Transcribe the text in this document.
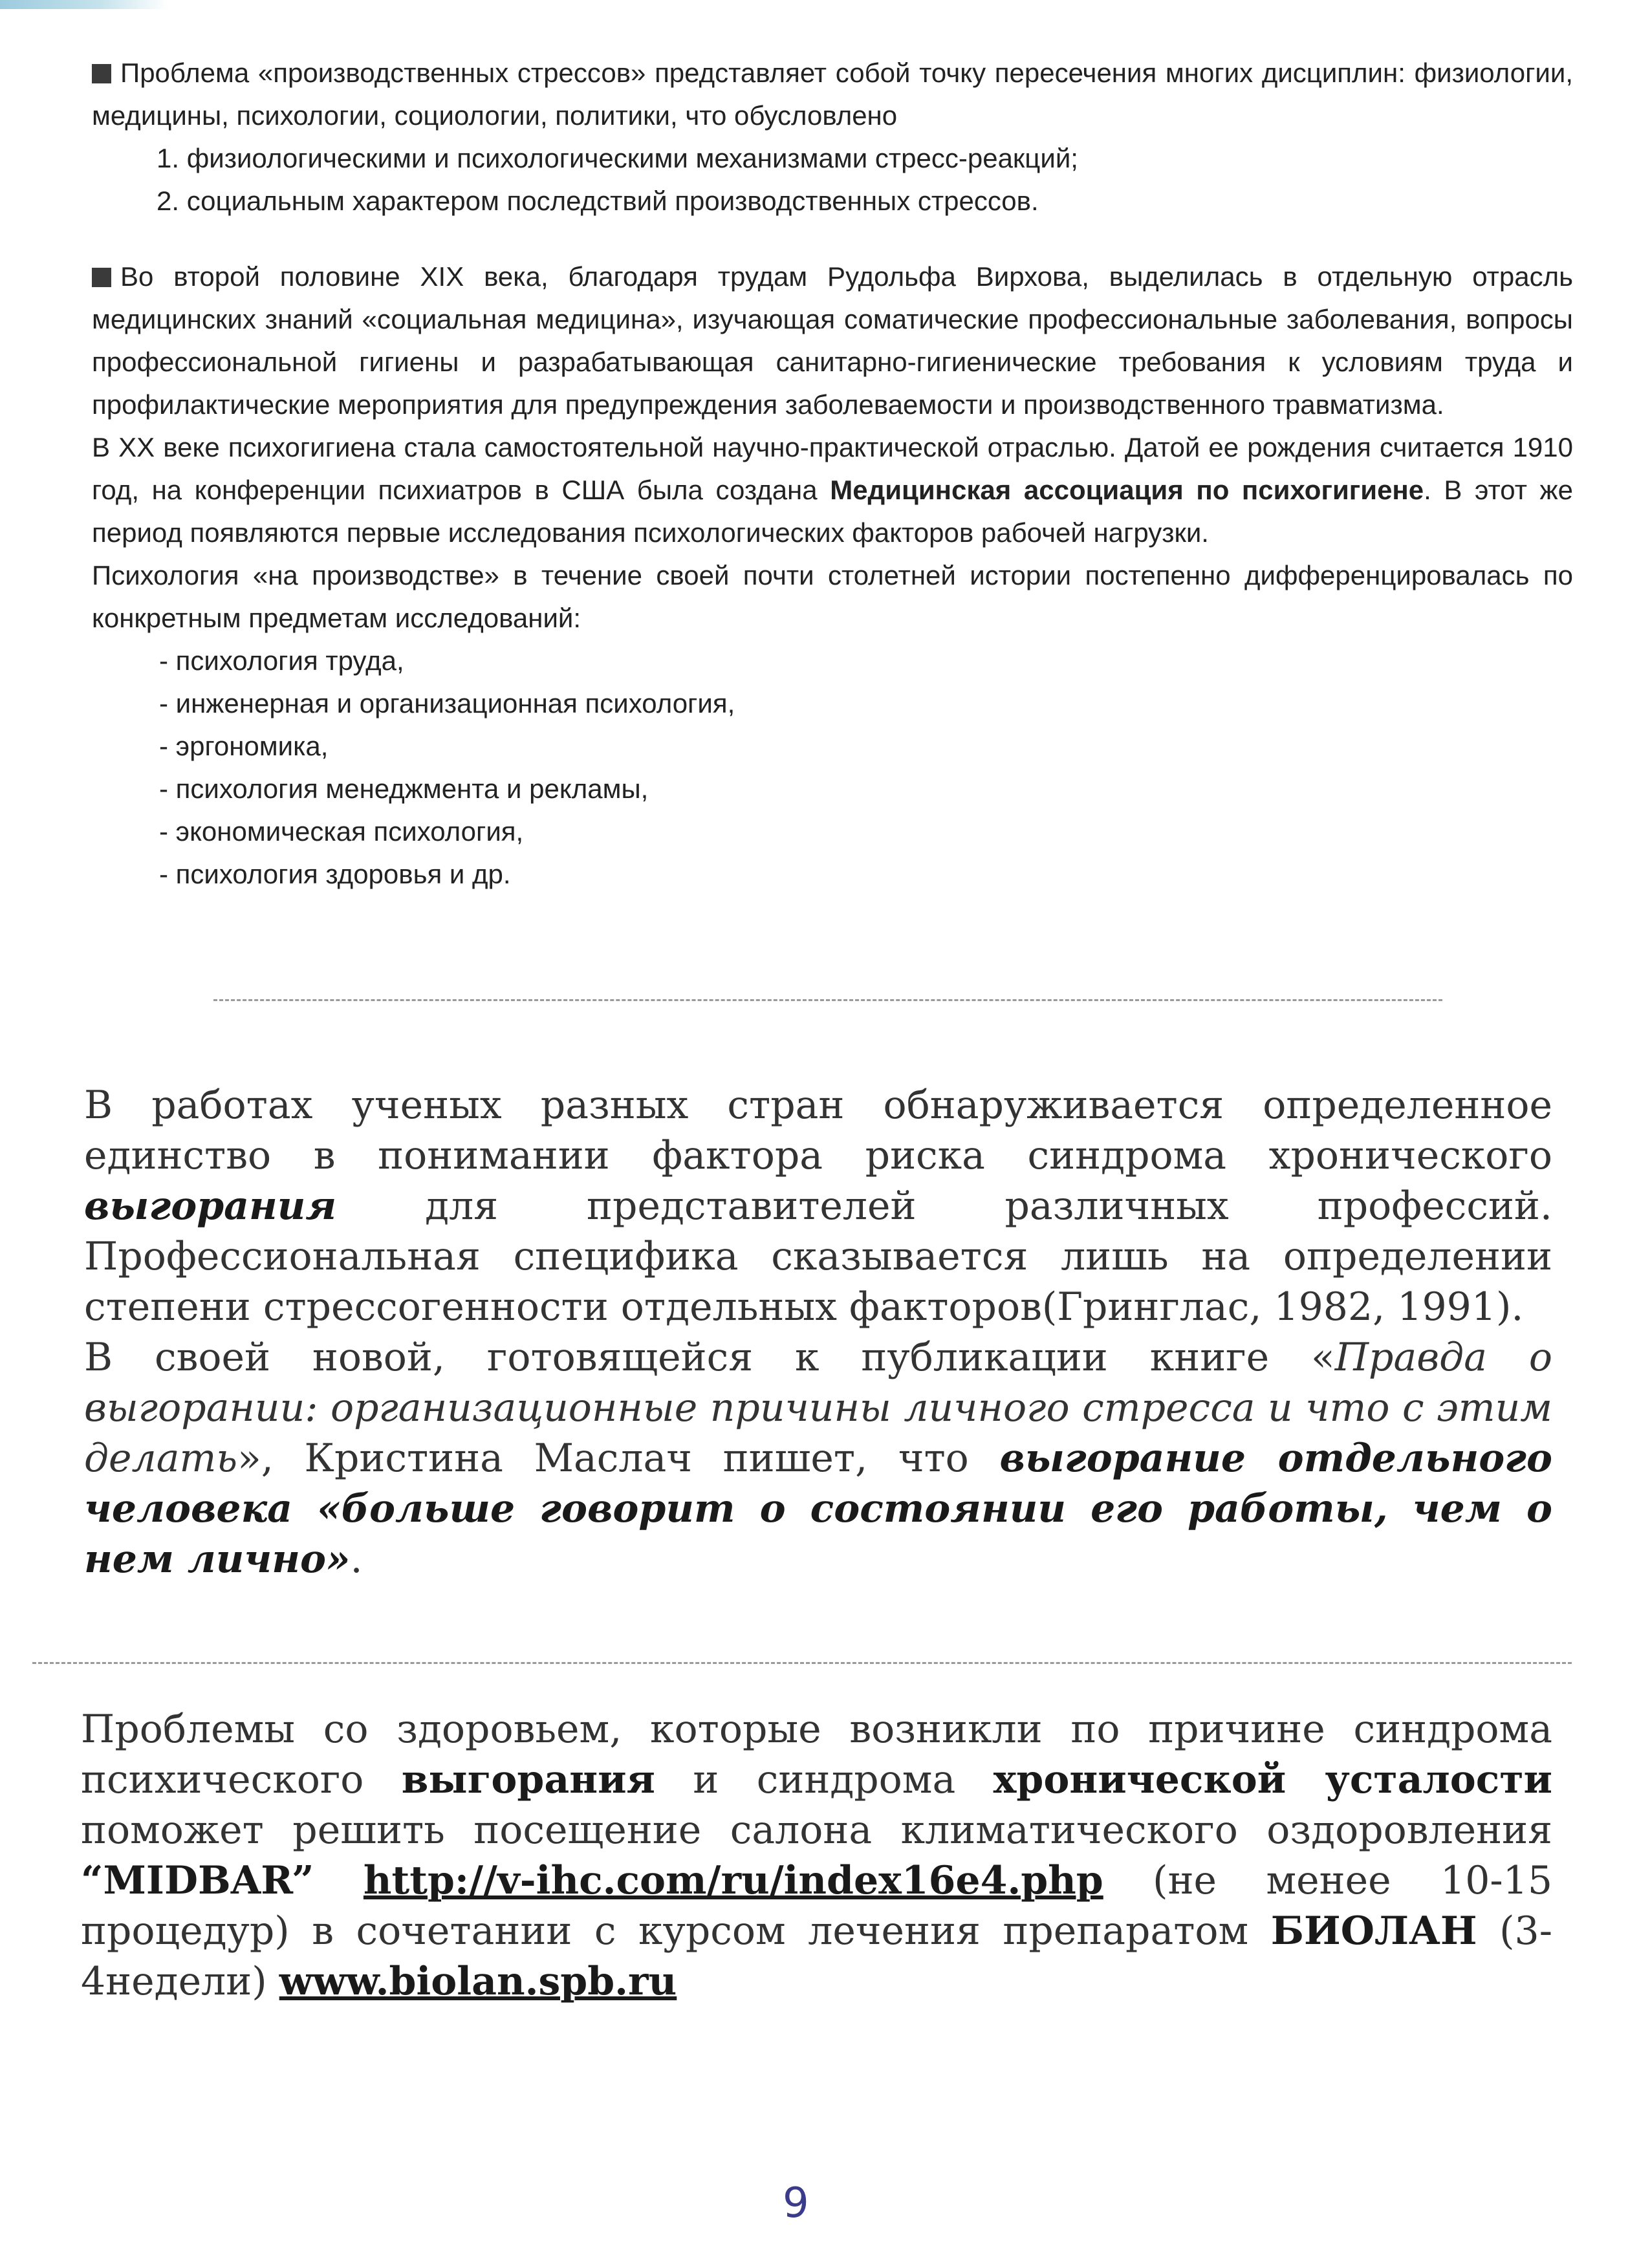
Проблема «производственных стрессов» представляет собой точку пересечения многих дисциплин: физиологии, медицины, психологии, социологии, политики, что обусловлено

1. физиологическими и психологическими механизмами стресс-реакций;
2. социальным характером последствий производственных стрессов.

Во второй половине XIX века, благодаря трудам Рудольфа Вирхова, выделилась в отдельную отрасль медицинских знаний «социальная медицина», изучающая соматические профессиональные заболевания, вопросы профессиональной гигиены и разрабатывающая санитарно-гигиенические требования к условиям труда и профилактические мероприятия для предупреждения заболеваемости и производственного травматизма.

В XX веке психогигиена стала самостоятельной научно-практической отраслью. Датой ее рождения считается 1910 год, на конференции психиатров в США была создана Медицинская ассоциация по психогигиене. В этот же период появляются первые исследования психологических факторов рабочей нагрузки.

Психология «на производстве» в течение своей почти столетней истории постепенно дифференцировалась по конкретным предметам исследований:

- психология труда,
- инженерная и организационная психология,
- эргономика,
- психология менеджмента и рекламы,
- экономическая психология,
- психология здоровья и др.

В работах ученых разных стран обнаруживается определенное единство в понимании фактора риска синдрома хронического выгорания для представителей различных профессий. Профессиональная специфика сказывается лишь на определении степени стрессогенности отдельных факторов(Гринглас, 1982, 1991).

В своей новой, готовящейся к публикации книге «Правда о выгорании: организационные причины личного стресса и что с этим делать», Кристина Маслач пишет, что выгорание отдельного человека «больше говорит о состоянии его работы, чем о нем лично».

Проблемы со здоровьем, которые возникли по причине синдрома психического выгорания и синдрома хронической усталости поможет решить посещение салона климатического оздоровления “MIDBAR” http://v-ihc.com/ru/index16e4.php (не менее 10-15 процедур) в сочетании с курсом лечения препаратом БИОЛАН (3-4недели) www.biolan.spb.ru

9
